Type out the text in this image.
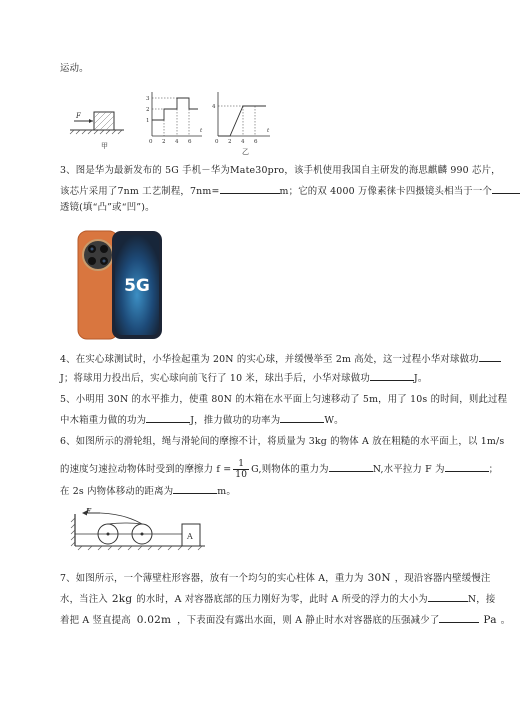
运动。
F
甲
3
2
1
0 2 4 6
t
4
0 2 4 6
t
乙
3、图是华为最新发布的 5G 手机－华为Mate30pro，该手机使用我国自主研发的海思麒麟 990 芯片，
该芯片采用了7nm 工艺制程，7nm=	m；它的双 4000 万像素徕卡四摄镜头相当于一个
透镜(填“凸”或“凹”)。
5G
4、在实心球测试时，小华捡起重为 20N 的实心球，并缓慢举至 2m 高处，这一过程小华对球做功
J；将球用力投出后，实心球向前飞行了 10 米，球出手后，小华对球做功	J。
5、小明用 30N 的水平推力，使重 80N 的木箱在水平面上匀速移动了 5m，用了 10s 的时间，则此过程
中木箱重力做的功为	J，推力做功的功率为	W。
6、如图所示的滑轮组，绳与滑轮间的摩擦不计，将质量为 3kg 的物体 A 放在粗糙的水平面上，以 1m/s
的速度匀速拉动物体时受到的摩擦力 $f = \frac{1}{10} G$,则物体的重力为	N,水平拉力 F 为	；
在 2s 内物体移动的距离为	m。
F
A
7、如图所示，一个薄壁柱形容器，放有一个均匀的实心柱体 A，重力为 30N ，现沿容器内壁缓慢注
水，当注入 2kg 的水时，A 对容器底部的压力刚好为零，此时 A 所受的浮力的大小为	N，接
着把 A 竖直提高 0.02m ，下表面没有露出水面，则 A 静止时水对容器底的压强减少了	Pa 。
